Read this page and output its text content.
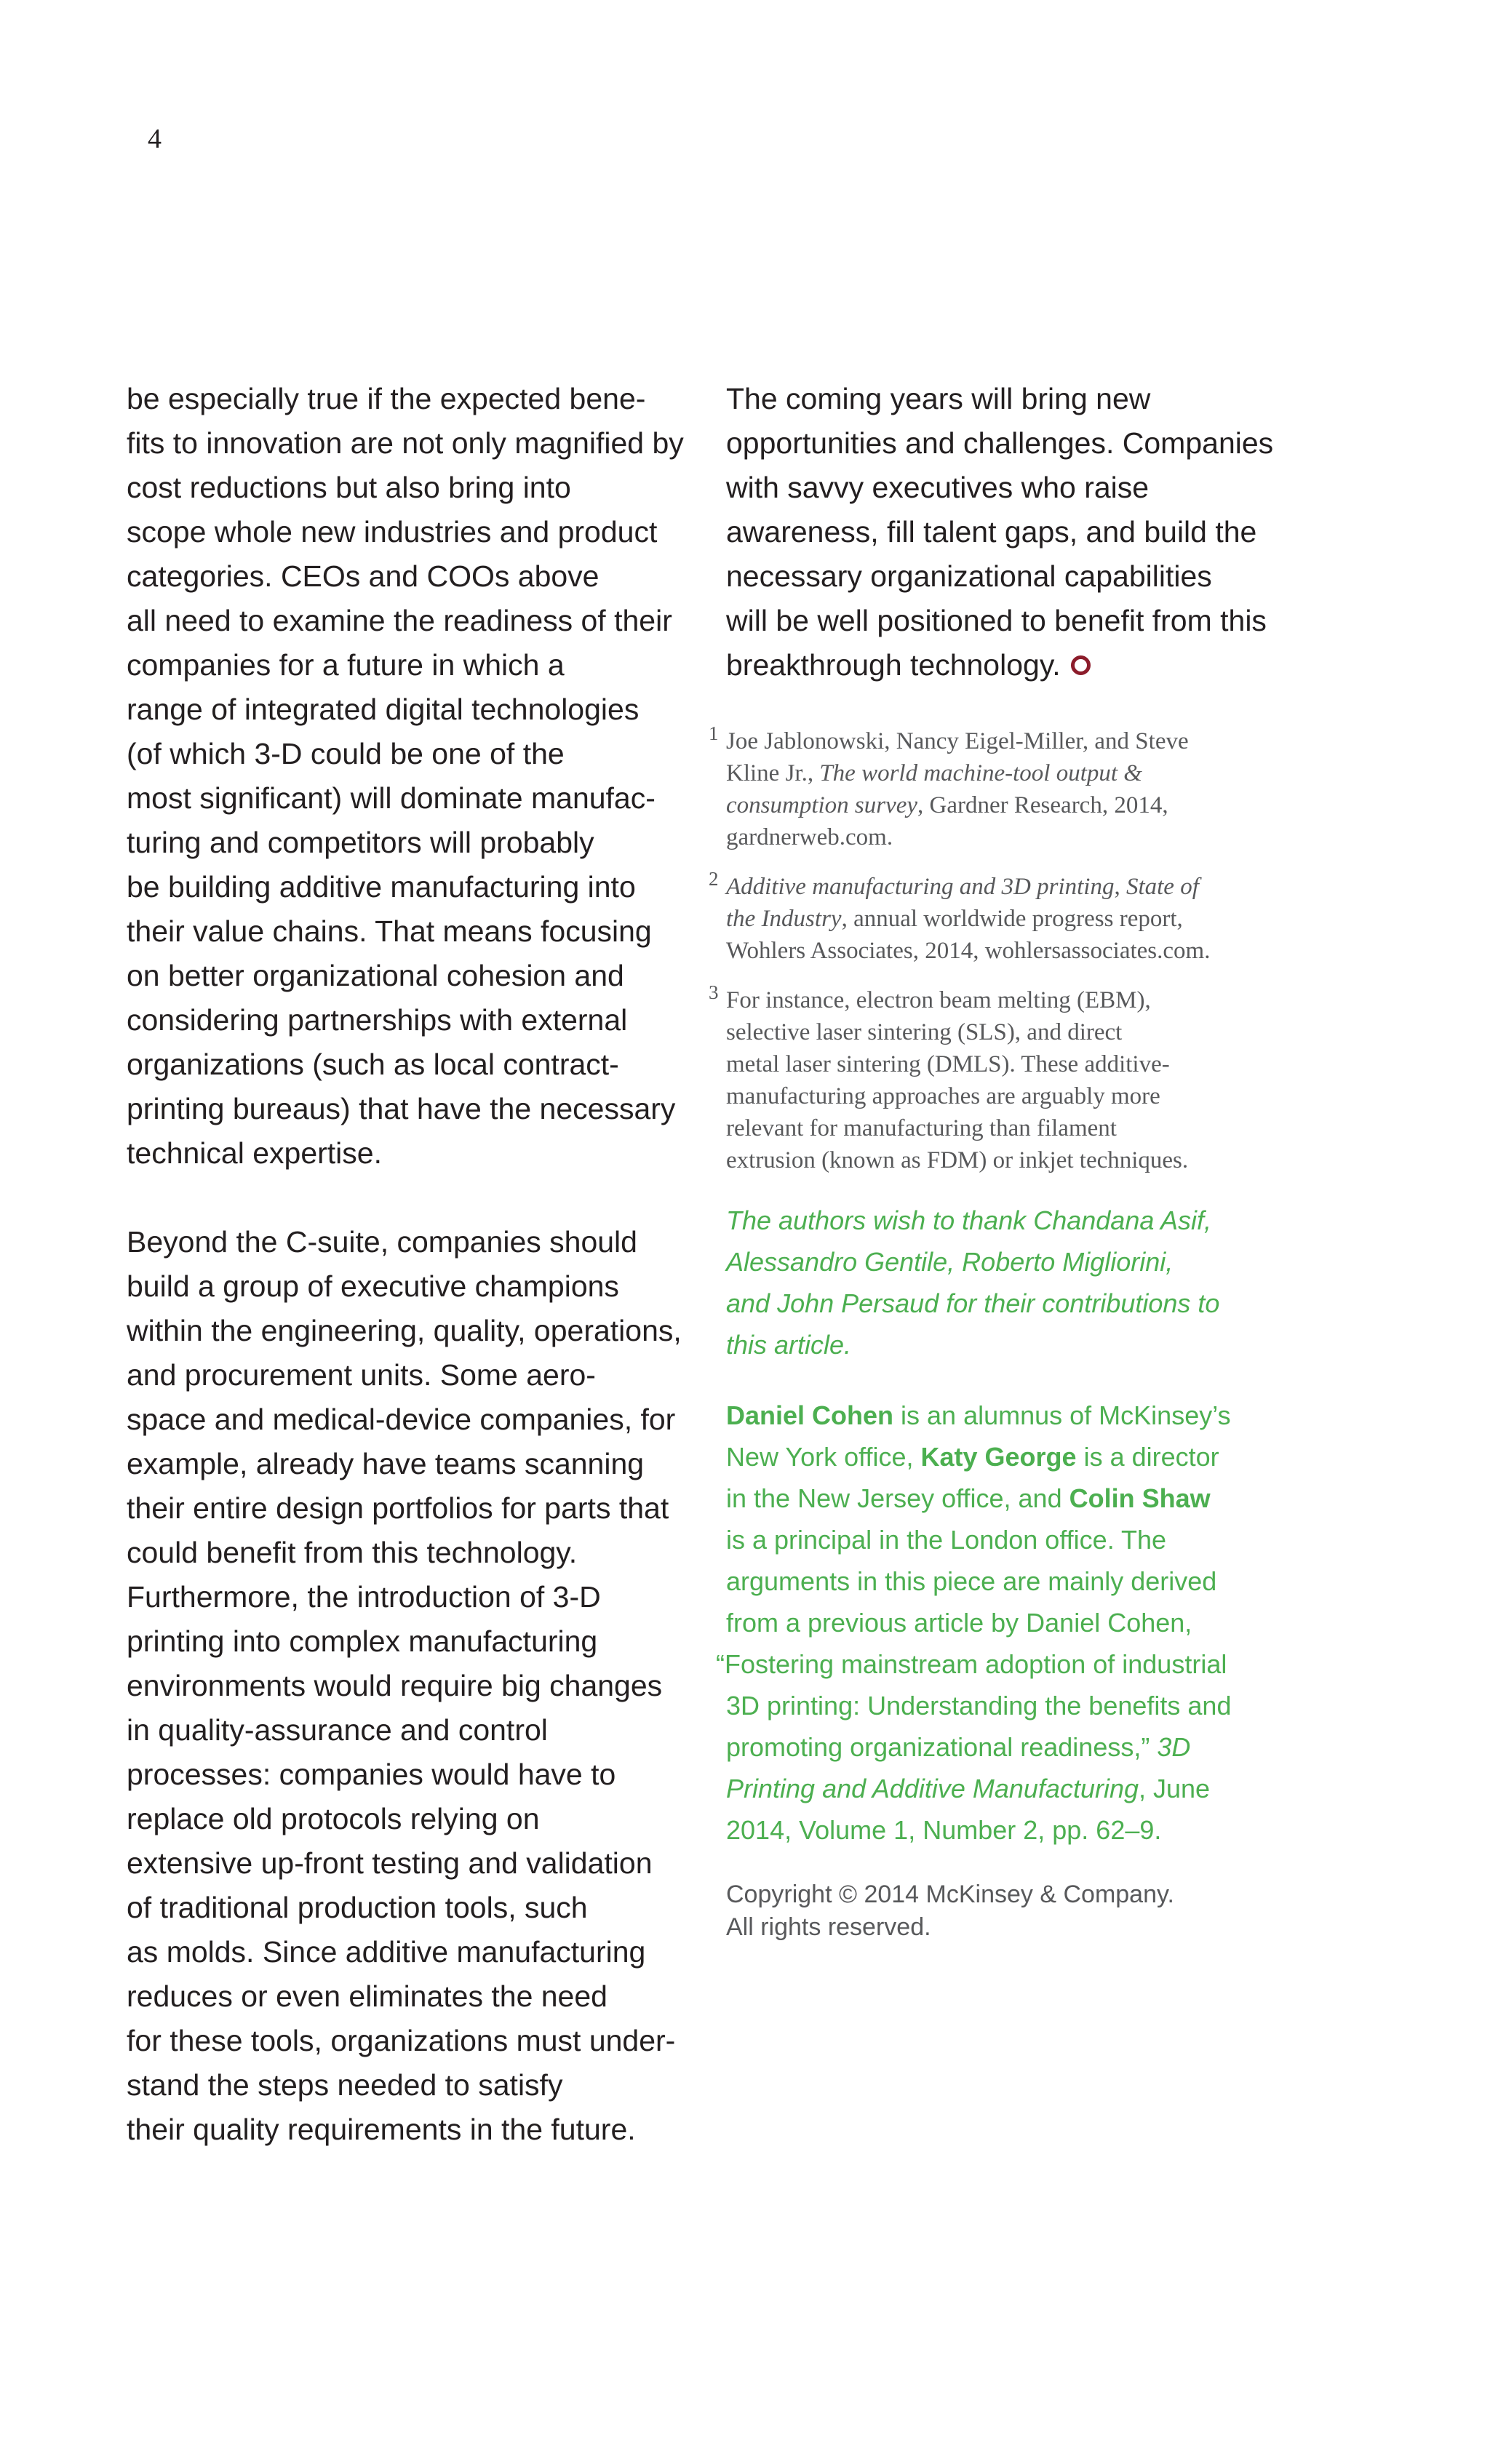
4
be especially true if the expected bene-
fits to innovation are not only magnified by
cost reductions but also bring into
scope whole new industries and product
categories. CEOs and COOs above
all need to examine the readiness of their
companies for a future in which a
range of integrated digital technologies
(of which 3-D could be one of the
most significant) will dominate manufac-
turing and competitors will probably
be building additive manufacturing into
their value chains. That means focusing
on better organizational cohesion and
considering partnerships with external
organizations (such as local contract-
printing bureaus) that have the necessary
technical expertise.
Beyond the C-suite, companies should
build a group of executive champions
within the engineering, quality, operations,
and procurement units. Some aero-
space and medical-device companies, for
example, already have teams scanning
their entire design portfolios for parts that
could benefit from this technology.
Furthermore, the introduction of 3-D
printing into complex manufacturing
environments would require big changes
in quality-assurance and control
processes: companies would have to
replace old protocols relying on
extensive up-front testing and validation
of traditional production tools, such
as molds. Since additive manufacturing
reduces or even eliminates the need
for these tools, organizations must under-
stand the steps needed to satisfy
their quality requirements in the future.
The coming years will bring new
opportunities and challenges. Companies
with savvy executives who raise
awareness, fill talent gaps, and build the
necessary organizational capabilities
will be well positioned to benefit from this
breakthrough technology.
1 Joe Jablonowski, Nancy Eigel-Miller, and Steve
Kline Jr., The world machine-tool output &
consumption survey, Gardner Research, 2014,
gardnerweb.com.
2 Additive manufacturing and 3D printing, State of
the Industry, annual worldwide progress report,
Wohlers Associates, 2014, wohlersassociates.com.
3 For instance, electron beam melting (EBM),
selective laser sintering (SLS), and direct
metal laser sintering (DMLS). These additive-
manufacturing approaches are arguably more
relevant for manufacturing than filament
extrusion (known as FDM) or inkjet techniques.
The authors wish to thank Chandana Asif,
Alessandro Gentile, Roberto Migliorini,
and John Persaud for their contributions to
this article.
Daniel Cohen is an alumnus of McKinsey’s
New York office, Katy George is a director
in the New Jersey office, and Colin Shaw
is a principal in the London office. The
arguments in this piece are mainly derived
from a previous article by Daniel Cohen,
“Fostering mainstream adoption of industrial
3D printing: Understanding the benefits and
promoting organizational readiness,” 3D
Printing and Additive Manufacturing, June
2014, Volume 1, Number 2, pp. 62–9.
Copyright © 2014 McKinsey & Company.
All rights reserved.
